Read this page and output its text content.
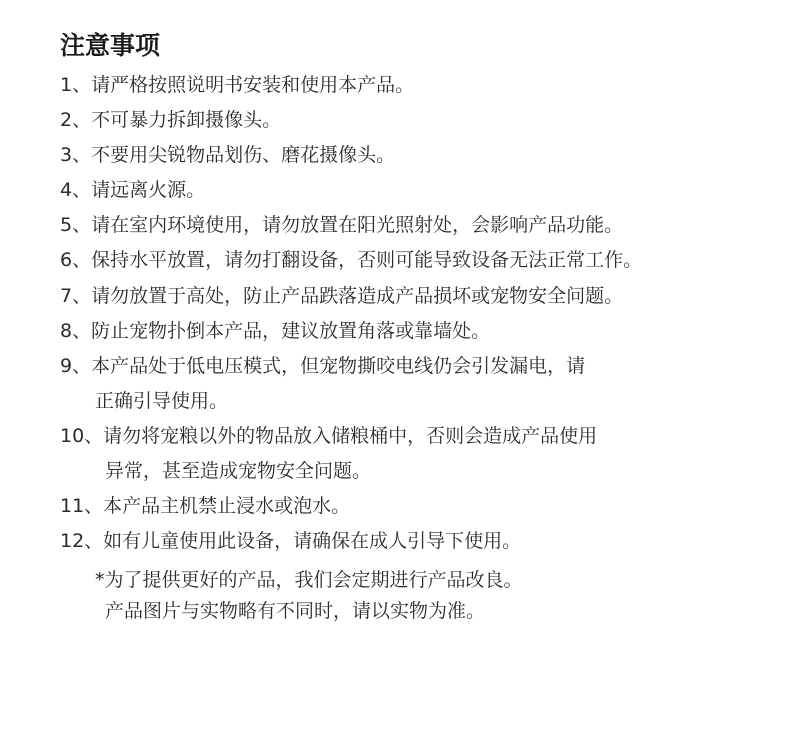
注意事项
1、请严格按照说明书安装和使用本产品。
2、不可暴力拆卸摄像头。
3、不要用尖锐物品划伤、磨花摄像头。
4、请远离火源。
5、请在室内环境使用，请勿放置在阳光照射处，会影响产品功能。
6、保持水平放置，请勿打翻设备，否则可能导致设备无法正常工作。
7、请勿放置于高处，防止产品跌落造成产品损坏或宠物安全问题。
8、防止宠物扑倒本产品，建议放置角落或靠墙处。
9、本产品处于低电压模式，但宠物撕咬电线仍会引发漏电，请
正确引导使用。
10、请勿将宠粮以外的物品放入储粮桶中，否则会造成产品使用
异常，甚至造成宠物安全问题。
11、本产品主机禁止浸水或泡水。
12、如有儿童使用此设备，请确保在成人引导下使用。
*为了提供更好的产品，我们会定期进行产品改良。
产品图片与实物略有不同时，请以实物为准。
